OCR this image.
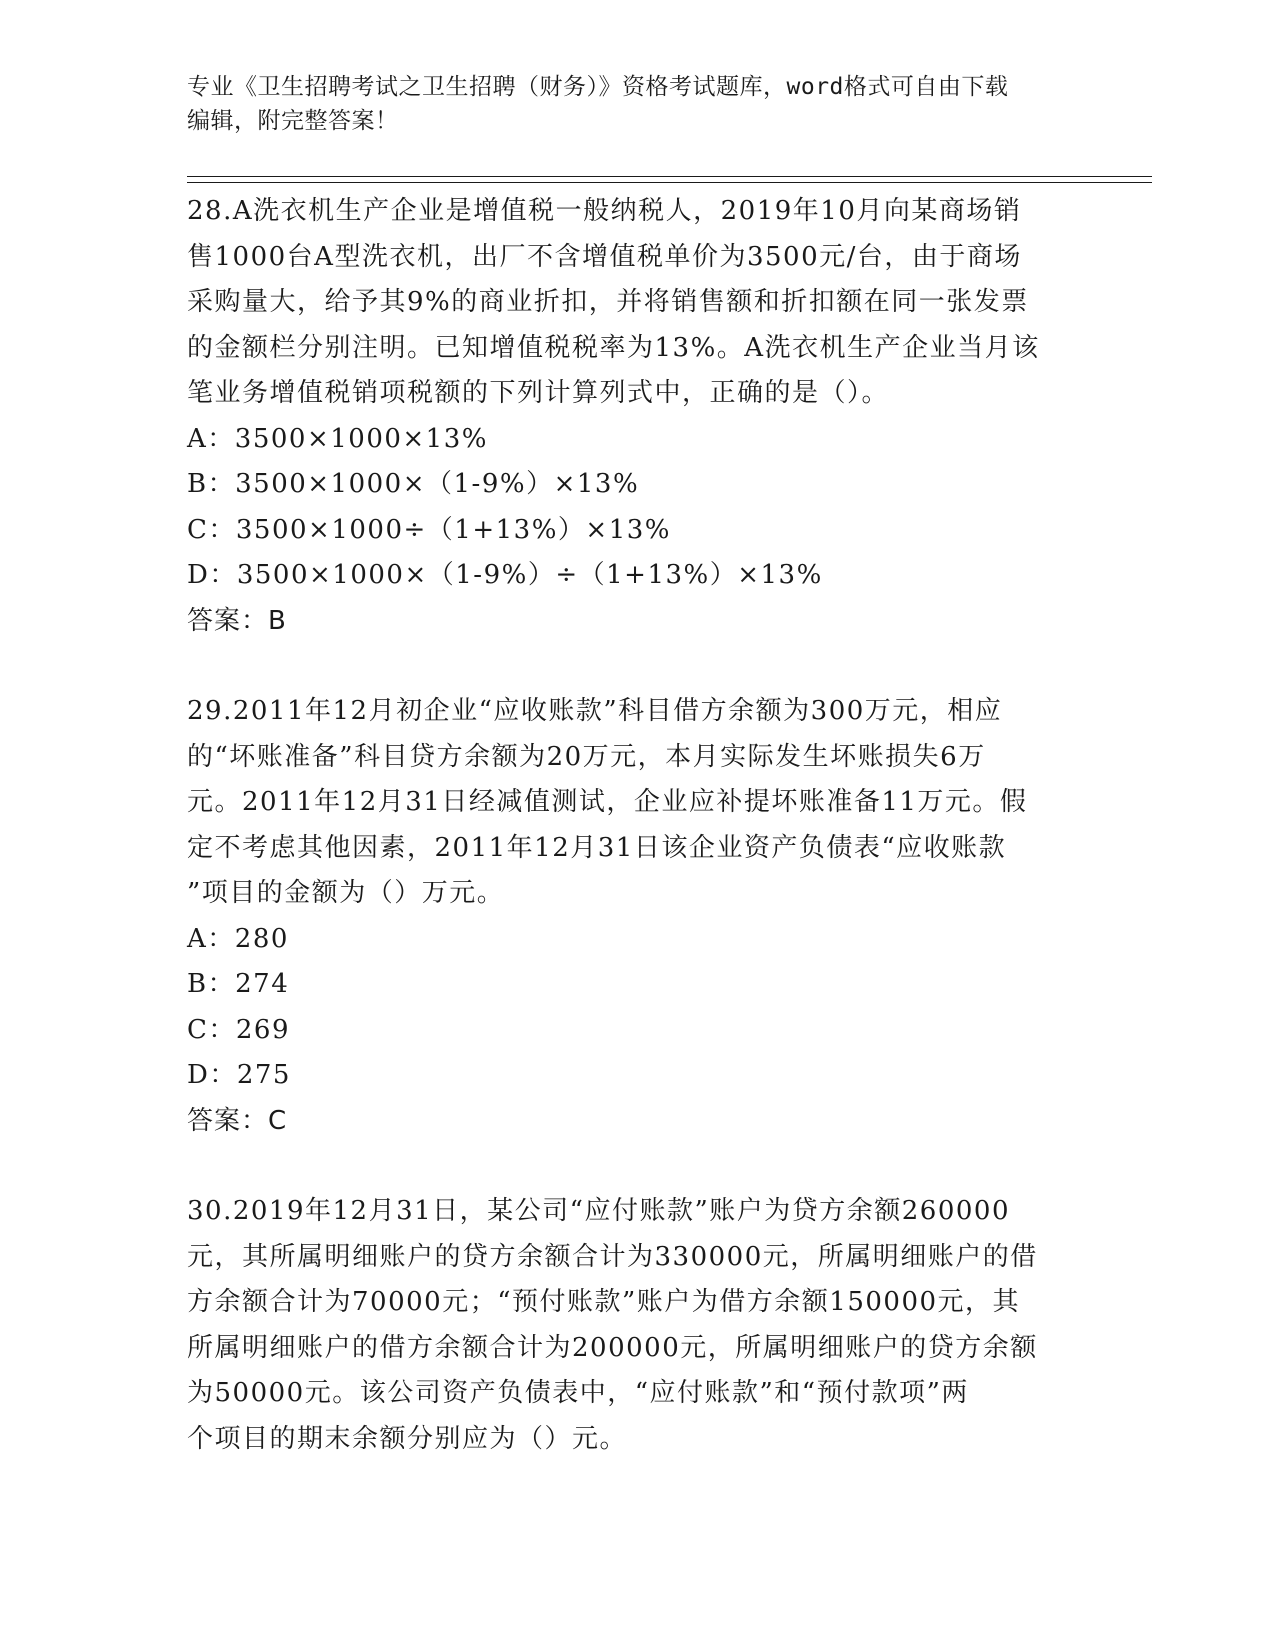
专业《卫生招聘考试之卫生招聘（财务）》资格考试题库，word格式可自由下载
编辑，附完整答案！
28.A洗衣机生产企业是增值税一般纳税人，2019年10月向某商场销
售1000台A型洗衣机，出厂不含增值税单价为3500元/台，由于商场
采购量大，给予其9%的商业折扣，并将销售额和折扣额在同一张发票
的金额栏分别注明。已知增值税税率为13%。A洗衣机生产企业当月该
笔业务增值税销项税额的下列计算列式中，正确的是（）。
A：3500×1000×13%
B：3500×1000×（1-9%）×13%
C：3500×1000÷（1+13%）×13%
D：3500×1000×（1-9%）÷（1+13%）×13%
答案：B
29.2011年12月初企业“应收账款”科目借方余额为300万元，相应
的“坏账准备”科目贷方余额为20万元，本月实际发生坏账损失6万
元。2011年12月31日经减值测试，企业应补提坏账准备11万元。假
定不考虑其他因素，2011年12月31日该企业资产负债表“应收账款
”项目的金额为（）万元。
A：280
B：274
C：269
D：275
答案：C
30.2019年12月31日，某公司“应付账款”账户为贷方余额260000
元，其所属明细账户的贷方余额合计为330000元，所属明细账户的借
方余额合计为70000元；“预付账款”账户为借方余额150000元，其
所属明细账户的借方余额合计为200000元，所属明细账户的贷方余额
为50000元。该公司资产负债表中，“应付账款”和“预付款项”两
个项目的期末余额分别应为（）元。
